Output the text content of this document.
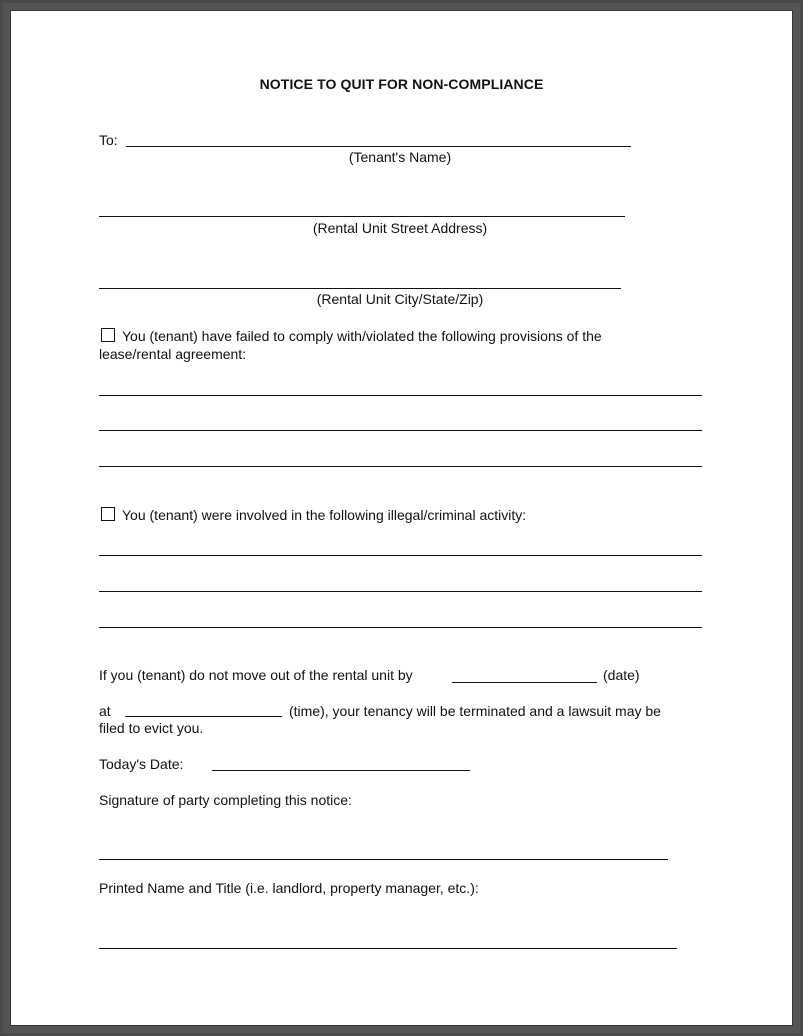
NOTICE TO QUIT FOR NON-COMPLIANCE
To:
(Tenant's Name)
(Rental Unit Street Address)
(Rental Unit City/State/Zip)
You (tenant) have failed to comply with/violated the following provisions of the
lease/rental agreement:
You (tenant) were involved in the following illegal/criminal activity:
If you (tenant) do not move out of the rental unit by	(date)
at	(time), your tenancy will be terminated and a lawsuit may be
filed to evict you.
Today's Date:
Signature of party completing this notice:
Printed Name and Title (i.e. landlord, property manager, etc.):
